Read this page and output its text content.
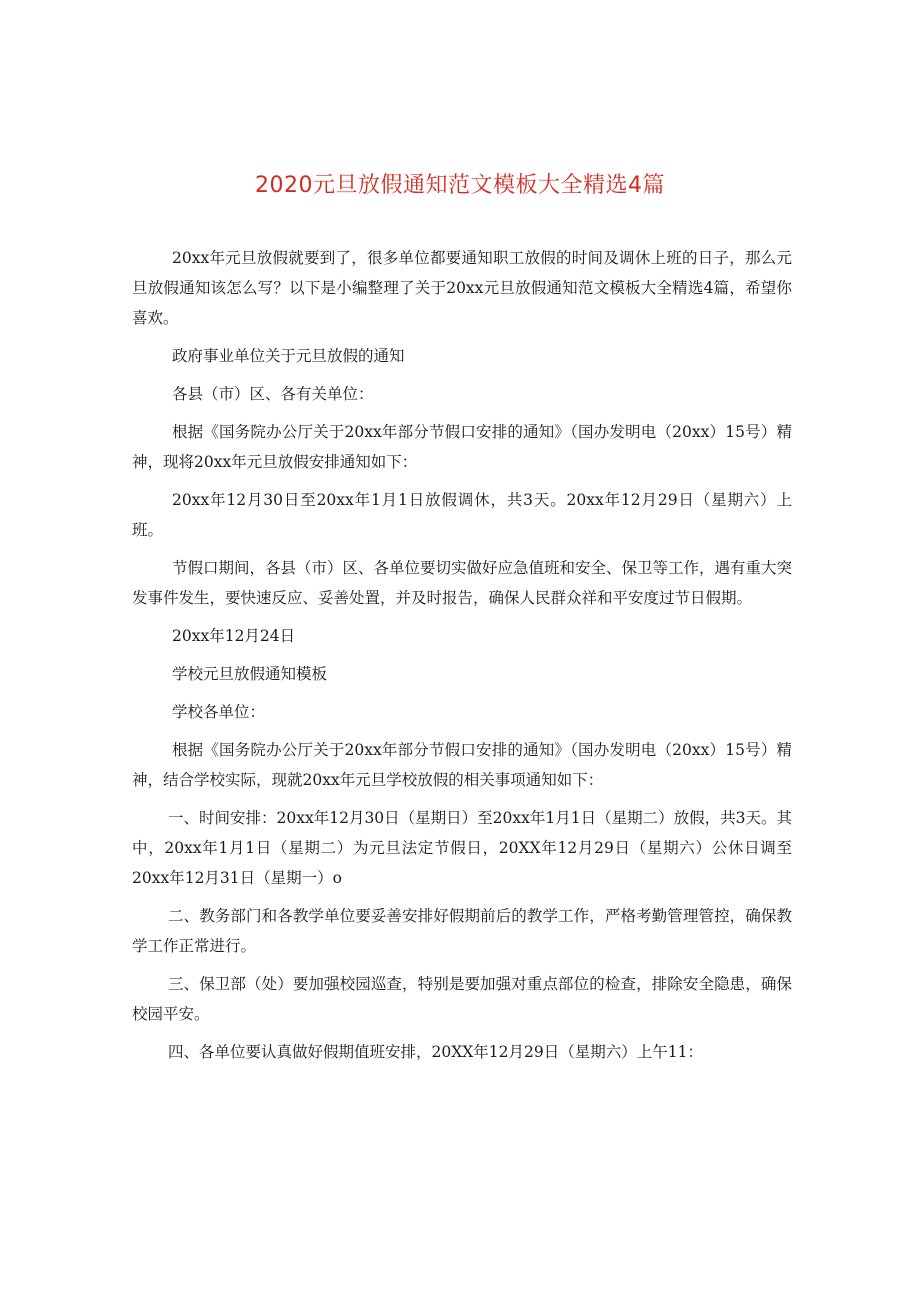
2020元旦放假通知范文模板大全精选4篇

20xx年元旦放假就要到了，很多单位都要通知职工放假的时间及调休上班的日子，那么元旦放假通知该怎么写？以下是小编整理了关于20xx元旦放假通知范文模板大全精选4篇，希望你喜欢。

政府事业单位关于元旦放假的通知

各县（市）区、各有关单位：

根据《国务院办公厅关于20xx年部分节假口安排的通知》（国办发明电（20xx）15号）精神，现将20xx年元旦放假安排通知如下：

20xx年12月30日至20xx年1月1日放假调休，共3天。20xx年12月29日（星期六）上班。

节假口期间，各县（市）区、各单位要切实做好应急值班和安全、保卫等工作，遇有重大突发事件发生，要快速反应、妥善处置，并及时报告，确保人民群众祥和平安度过节日假期。

20xx年12月24日

学校元旦放假通知模板

学校各单位：

根据《国务院办公厅关于20xx年部分节假口安排的通知》（国办发明电（20xx）15号）精神，结合学校实际，现就20xx年元旦学校放假的相关事项通知如下：

一、时间安排：20xx年12月30日（星期日）至20xx年1月1日（星期二）放假，共3天。其中，20xx年1月1日（星期二）为元旦法定节假日，20XX年12月29日（星期六）公休日调至20xx年12月31日（星期一）o

二、教务部门和各教学单位要妥善安排好假期前后的教学工作，严格考勤管理管控，确保教学工作正常进行。

三、保卫部（处）要加强校园巡查，特别是要加强对重点部位的检查，排除安全隐患，确保校园平安。

四、各单位要认真做好假期值班安排，20XX年12月29日（星期六）上午11：
